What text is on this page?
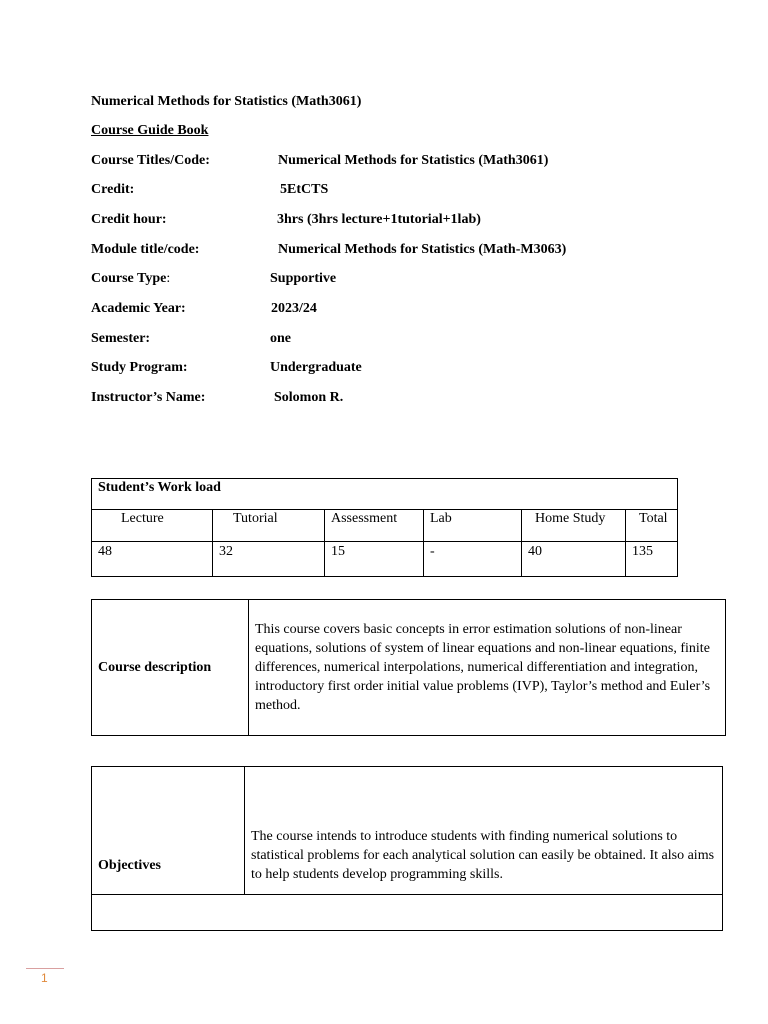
Numerical Methods for Statistics (Math3061)
Course Guide Book
Course Titles/Code:	Numerical Methods for Statistics (Math3061)
Credit:	5EtCTS
Credit hour:	3hrs (3hrs lecture+1tutorial+1lab)
Module title/code:	Numerical Methods for Statistics (Math-M3063)
Course Type:	Supportive
Academic Year:	2023/24
Semester:	one
Study Program:	Undergraduate
Instructor’s Name:	Solomon R.
Student’s Work load					
Lecture	Tutorial	Assessment	Lab	Home Study	Total
48	32	15	-	40	135
Course description	This course covers basic concepts in error estimation solutions of non-linear equations, solutions of system of linear equations and non-linear equations, finite differences, numerical interpolations, numerical differentiation and integration, introductory first order initial value problems (IVP), Taylor’s method and Euler’s method.
Objectives	The course intends to introduce students with finding numerical solutions to statistical problems for each analytical solution can easily be obtained. It also aims to help students develop programming skills.

1
